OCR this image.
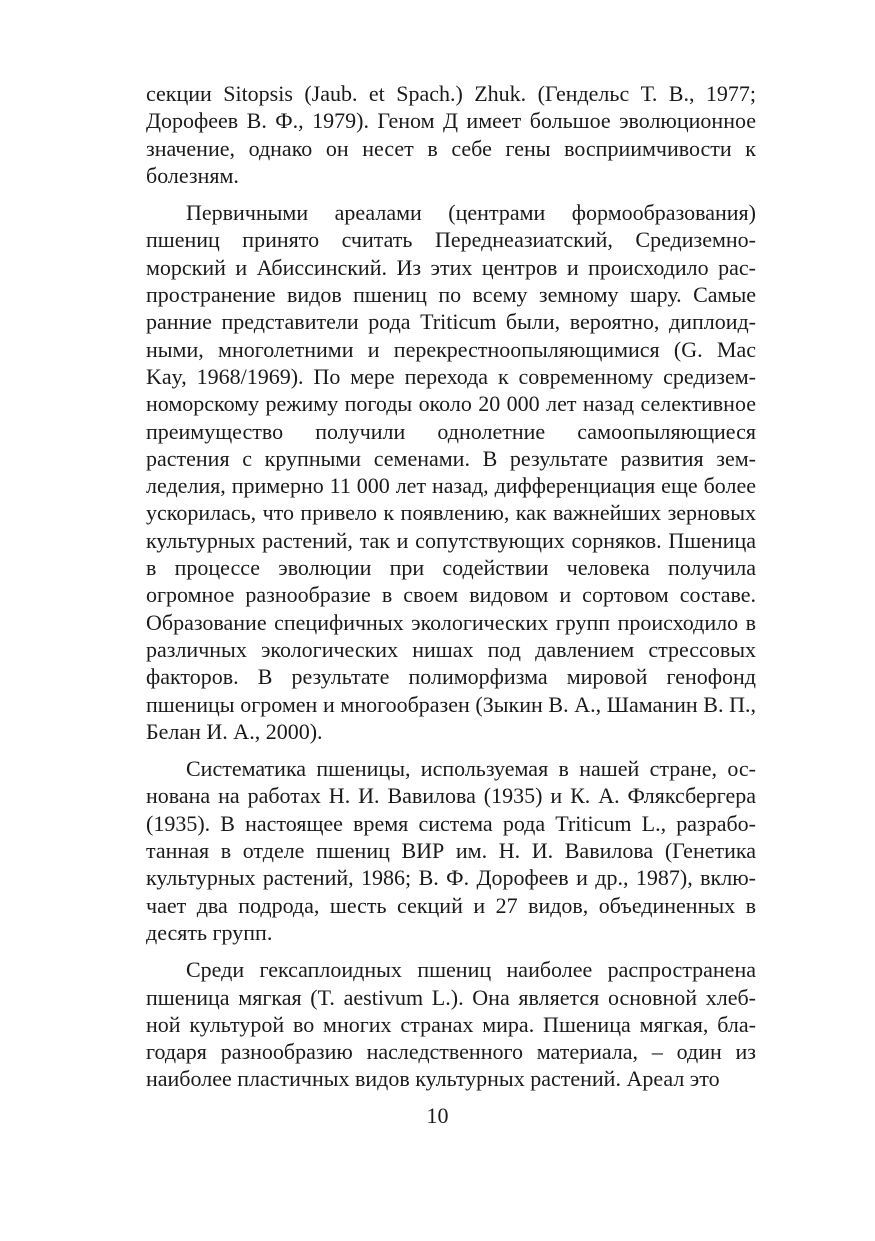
секции Sitopsis (Jaub. et Spach.) Zhuk. (Гендельс Т. В., 1977; Дорофеев В. Ф., 1979). Геном Д имеет большое эволюционное значение, однако он несет в себе гены восприимчивости к болезням.

Первичными ареалами (центрами формообразования) пшениц принято считать Переднеазиатский, Средиземноморский и Абиссинский. Из этих центров и происходило распространение видов пшениц по всему земному шару. Самые ранние представители рода Triticum были, вероятно, диплоидными, многолетними и перекрестноопыляющимися (G. Mac Kay, 1968/1969). По мере перехода к современному средиземноморскому режиму погоды около 20 000 лет назад селективное преимущество получили однолетние самоопыляющиеся растения с крупными семенами. В результате развития земледелия, примерно 11 000 лет назад, дифференциация еще более ускорилась, что привело к появлению, как важнейших зерновых культурных растений, так и сопутствующих сорняков. Пшеница в процессе эволюции при содействии человека получила огромное разнообразие в своем видовом и сортовом составе. Образование специфичных экологических групп происходило в различных экологических нишах под давлением стрессовых факторов. В результате полиморфизма мировой генофонд пшеницы огромен и многообразен (Зыкин В. А., Шаманин В. П., Белан И. А., 2000).

Систематика пшеницы, используемая в нашей стране, основана на работах Н. И. Вавилова (1935) и К. А. Фляксбергера (1935). В настоящее время система рода Triticum L., разработанная в отделе пшениц ВИР им. Н. И. Вавилова (Генетика культурных растений, 1986; В. Ф. Дорофеев и др., 1987), включает два подрода, шесть секций и 27 видов, объединенных в десять групп.

Среди гексаплоидных пшениц наиболее распространена пшеница мягкая (T. aestivum L.). Она является основной хлебной культурой во многих странах мира. Пшеница мягкая, благодаря разнообразию наследственного материала, – один из наиболее пластичных видов культурных растений. Ареал это

10
